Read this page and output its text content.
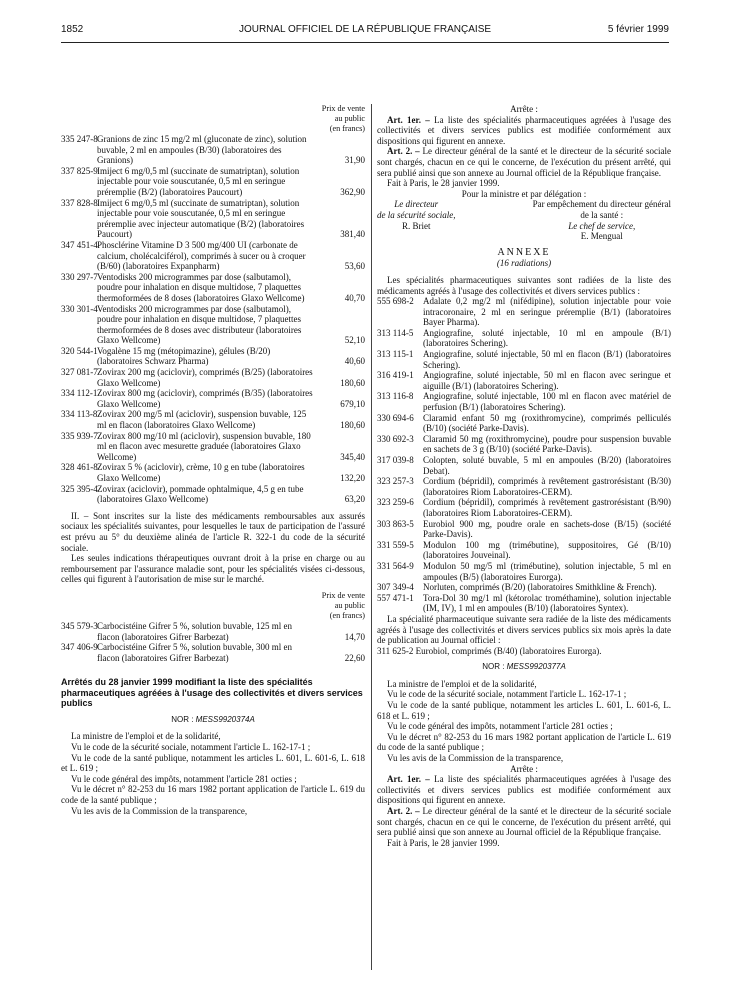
1852	JOURNAL OFFICIEL DE LA RÉPUBLIQUE FRANÇAISE	5 février 1999
Prix de vente
au public
(en francs)
335 247-8 Granions de zinc 15 mg/2 ml (gluconate de zinc), solution buvable, 2 ml en ampoules (B/30) (laboratoires des Granions)	31,90
337 825-9 Imiject 6 mg/0,5 ml (succinate de sumatriptan), solution injectable pour voie souscutanée, 0,5 ml en seringue préremplie (B/2) (laboratoires Paucourt)	362,90
337 828-8 Imiject 6 mg/0,5 ml (succinate de sumatriptan), solution injectable pour voie souscutanée, 0,5 ml en seringue préremplie avec injecteur automatique (B/2) (laboratoires Paucourt)	381,40
347 451-4 Phosclérine Vitamine D 3 500 mg/400 UI (carbonate de calcium, cholécalciférol), comprimés à sucer ou à croquer (B/60) (laboratoires Expanpharm)	53,60
330 297-7 Ventodisks 200 microgrammes par dose (salbutamol), poudre pour inhalation en disque multidose, 7 plaquettes thermoformées de 8 doses (laboratoires Glaxo Wellcome)	40,70
330 301-4 Ventodisks 200 microgrammes par dose (salbutamol), poudre pour inhalation en disque multidose, 7 plaquettes thermoformées de 8 doses avec distributeur (laboratoires Glaxo Wellcome)	52,10
320 544-1 Vogalène 15 mg (métopimazine), gélules (B/20) (laboratoires Schwarz Pharma)	40,60
327 081-7 Zovirax 200 mg (aciclovir), comprimés (B/25) (laboratoires Glaxo Wellcome)	180,60
334 112-1 Zovirax 800 mg (aciclovir), comprimés (B/35) (laboratoires Glaxo Wellcome)	679,10
334 113-8 Zovirax 200 mg/5 ml (aciclovir), suspension buvable, 125 ml en flacon (laboratoires Glaxo Wellcome)	180,60
335 939-7 Zovirax 800 mg/10 ml (aciclovir), suspension buvable, 180 ml en flacon avec mesurette graduée (laboratoires Glaxo Wellcome)	345,40
328 461-8 Zovirax 5 % (aciclovir), crème, 10 g en tube (laboratoires Glaxo Wellcome)	132,20
325 395-4 Zovirax (aciclovir), pommade ophtalmique, 4,5 g en tube (laboratoires Glaxo Wellcome)	63,20

II. – Sont inscrites sur la liste des médicaments remboursables aux assurés sociaux les spécialités suivantes, pour lesquelles le taux de participation de l'assuré est prévu au 5° du deuxième alinéa de l'article R. 322-1 du code de la sécurité sociale.

Les seules indications thérapeutiques ouvrant droit à la prise en charge ou au remboursement par l'assurance maladie sont, pour les spécialités visées ci-dessous, celles qui figurent à l'autorisation de mise sur le marché.

Prix de vente
au public
(en francs)
345 579-3 Carbocistéine Gifrer 5 %, solution buvable, 125 ml en flacon (laboratoires Gifrer Barbezat)	14,70
347 406-9 Carbocistéine Gifrer 5 %, solution buvable, 300 ml en flacon (laboratoires Gifrer Barbezat)	22,60
Arrêtés du 28 janvier 1999 modifiant la liste des spécialités pharmaceutiques agréées à l'usage des collectivités et divers services publics
NOR : MESS9920374A

La ministre de l'emploi et de la solidarité,

Vu le code de la sécurité sociale, notamment l'article L. 162-17-1 ;

Vu le code de la santé publique, notamment les articles L. 601, L. 601-6, L. 618 et L. 619 ;

Vu le code général des impôts, notamment l'article 281 octies ;

Vu le décret n° 82-253 du 16 mars 1982 portant application de l'article L. 619 du code de la santé publique ;

Vu les avis de la Commission de la transparence,

Arrête :

Art. 1er. – La liste des spécialités pharmaceutiques agréées à l'usage des collectivités et divers services publics est modifiée conformément aux dispositions qui figurent en annexe.

Art. 2. – Le directeur général de la santé et le directeur de la sécurité sociale sont chargés, chacun en ce qui le concerne, de l'exécution du présent arrêté, qui sera publié ainsi que son annexe au Journal officiel de la République française.

Fait à Paris, le 28 janvier 1999.

Pour la ministre et par délégation :

Le directeur
de la sécurité sociale,
R. Briet
Par empêchement du directeur général
de la santé :
Le chef de service,
E. Mengual
ANNEXE
(16 radiations)

Les spécialités pharmaceutiques suivantes sont radiées de la liste des médicaments agréés à l'usage des collectivités et divers services publics :

555 698-2 Adalate 0,2 mg/2 ml (nifédipine), solution injectable pour voie intracoronaire, 2 ml en seringue préremplie (B/1) (laboratoires Bayer Pharma).
313 114-5 Angiografine, soluté injectable, 10 ml en ampoule (B/1) (laboratoires Schering).
313 115-1 Angiografine, soluté injectable, 50 ml en flacon (B/1) (laboratoires Schering).
316 419-1 Angiografine, soluté injectable, 50 ml en flacon avec seringue et aiguille (B/1) (laboratoires Schering).
313 116-8 Angiografine, soluté injectable, 100 ml en flacon avec matériel de perfusion (B/1) (laboratoires Schering).
330 694-6 Claramid enfant 50 mg (roxithromycine), comprimés pelliculés (B/10) (société Parke-Davis).
330 692-3 Claramid 50 mg (roxithromycine), poudre pour suspension buvable en sachets de 3 g (B/10) (société Parke-Davis).
317 039-8 Colopten, soluté buvable, 5 ml en ampoules (B/20) (laboratoires Debat).
323 257-3 Cordium (bépridil), comprimés à revêtement gastrorésistant (B/30) (laboratoires Riom Laboratoires-CERM).
323 259-6 Cordium (bépridil), comprimés à revêtement gastrorésistant (B/90) (laboratoires Riom Laboratoires-CERM).
303 863-5 Eurobiol 900 mg, poudre orale en sachets-dose (B/15) (société Parke-Davis).
331 559-5 Modulon 100 mg (trimébutine), suppositoires, Gé (B/10) (laboratoires Jouveinal).
331 564-9 Modulon 50 mg/5 ml (trimébutine), solution injectable, 5 ml en ampoules (B/5) (laboratoires Eurorga).
307 349-4 Norluten, comprimés (B/20) (laboratoires Smithkline & French).
557 471-1 Tora-Dol 30 mg/1 ml (kétorolac trométhamine), solution injectable (IM, IV), 1 ml en ampoules (B/10) (laboratoires Syntex).

La spécialité pharmaceutique suivante sera radiée de la liste des médicaments agréés à l'usage des collectivités et divers services publics six mois après la date de publication au Journal officiel :

311 625-2 Eurobiol, comprimés (B/40) (laboratoires Eurorga).

NOR : MESS9920377A

La ministre de l'emploi et de la solidarité,

Vu le code de la sécurité sociale, notamment l'article L. 162-17-1 ;

Vu le code de la santé publique, notamment les articles L. 601, L. 601-6, L. 618 et L. 619 ;

Vu le code général des impôts, notamment l'article 281 octies ;

Vu le décret n° 82-253 du 16 mars 1982 portant application de l'article L. 619 du code de la santé publique ;

Vu les avis de la Commission de la transparence,

Arrête :

Art. 1er. – La liste des spécialités pharmaceutiques agréées à l'usage des collectivités et divers services publics est modifiée conformément aux dispositions qui figurent en annexe.

Art. 2. – Le directeur général de la santé et le directeur de la sécurité sociale sont chargés, chacun en ce qui le concerne, de l'exécution du présent arrêté, qui sera publié ainsi que son annexe au Journal officiel de la République française.

Fait à Paris, le 28 janvier 1999.
